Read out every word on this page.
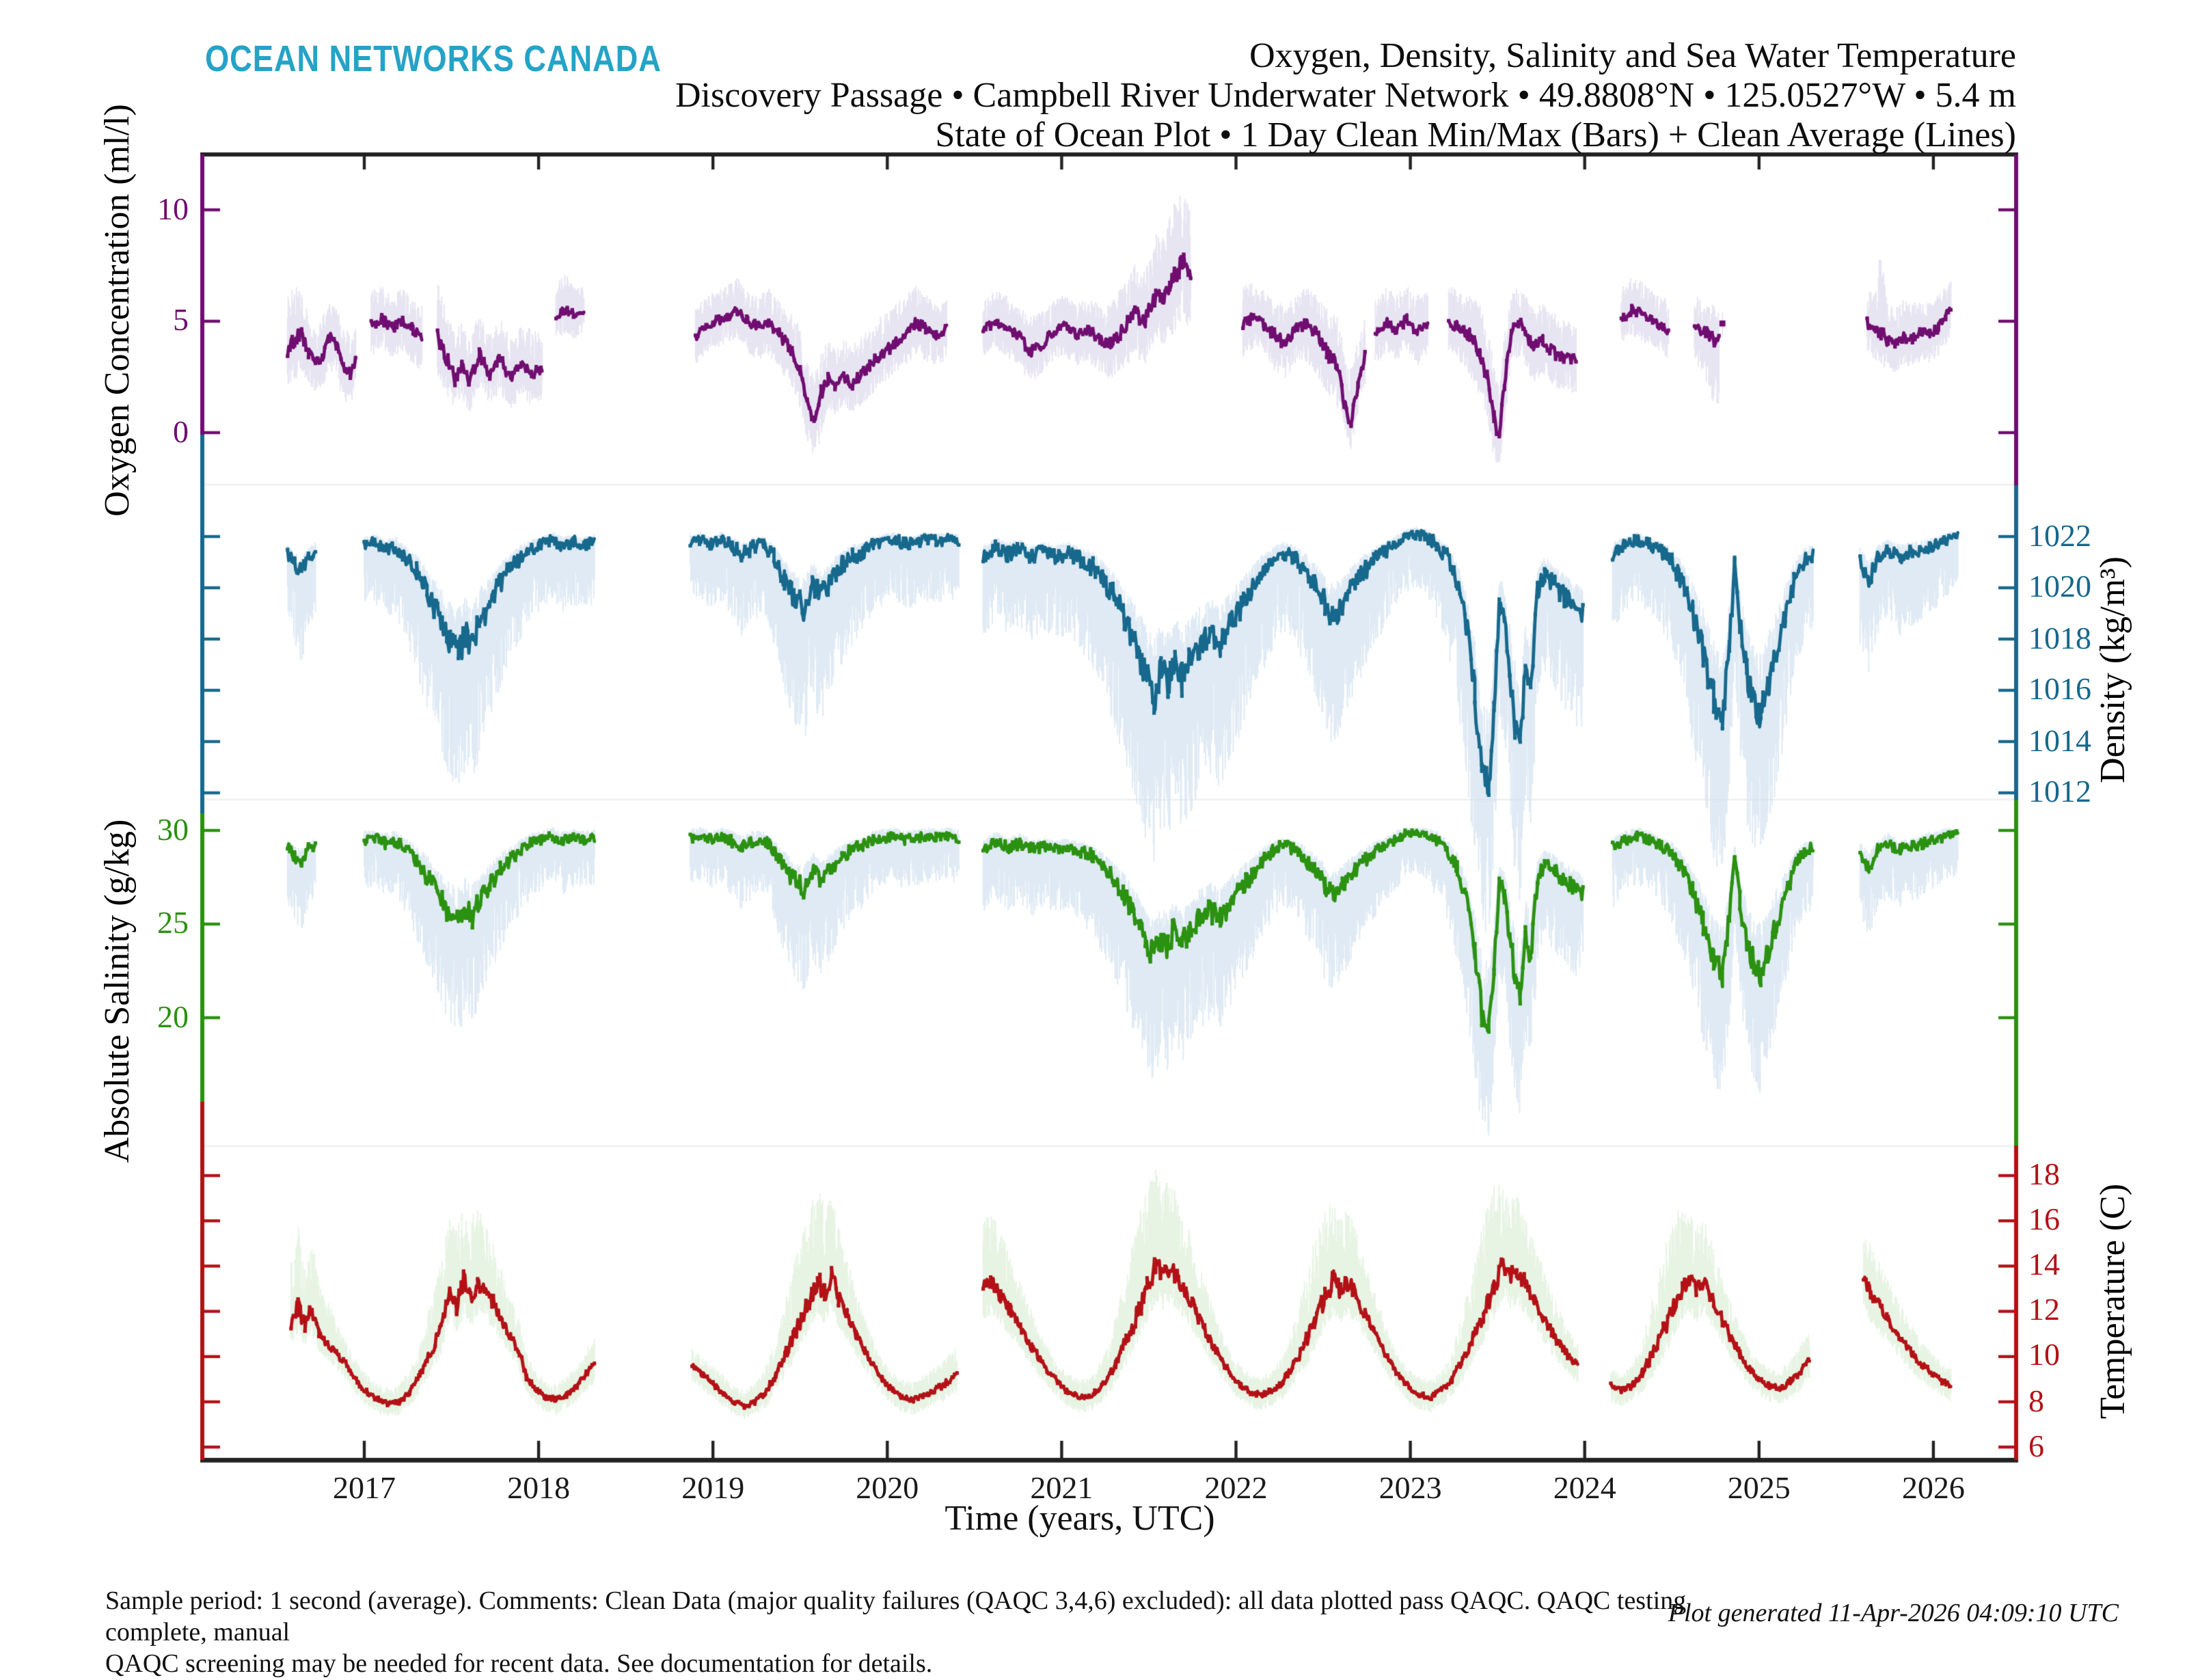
OCEAN NETWORKS CANADA	Oxygen, Density, Salinity and Sea Water Temperature
Discovery Passage • Campbell River Underwater Network • 49.8808°N • 125.0527°W • 5.4 m
State of Ocean Plot • 1 Day Clean Min/Max (Bars) + Clean Average (Lines)
Oxygen Concentration (ml/l)
Density (kg/m³)
Absolute Salinity (g/kg)
Temperature (C)
Time (years, UTC)
Sample period: 1 second (average). Comments: Clean Data (major quality failures (QAQC 3,4,6) excluded): all data plotted pass QAQC. QAQC testing complete, manual
QAQC screening may be needed for recent data. See documentation for details.
Plot generated 11-Apr-2026 04:09:10 UTC
0
5
10
1012
1014
1016
1018
1020
1022
20
25
30
6
8
10
12
14
16
18
2017	2018	2019	2020	2021	2022	2023	2024	2025	2026
